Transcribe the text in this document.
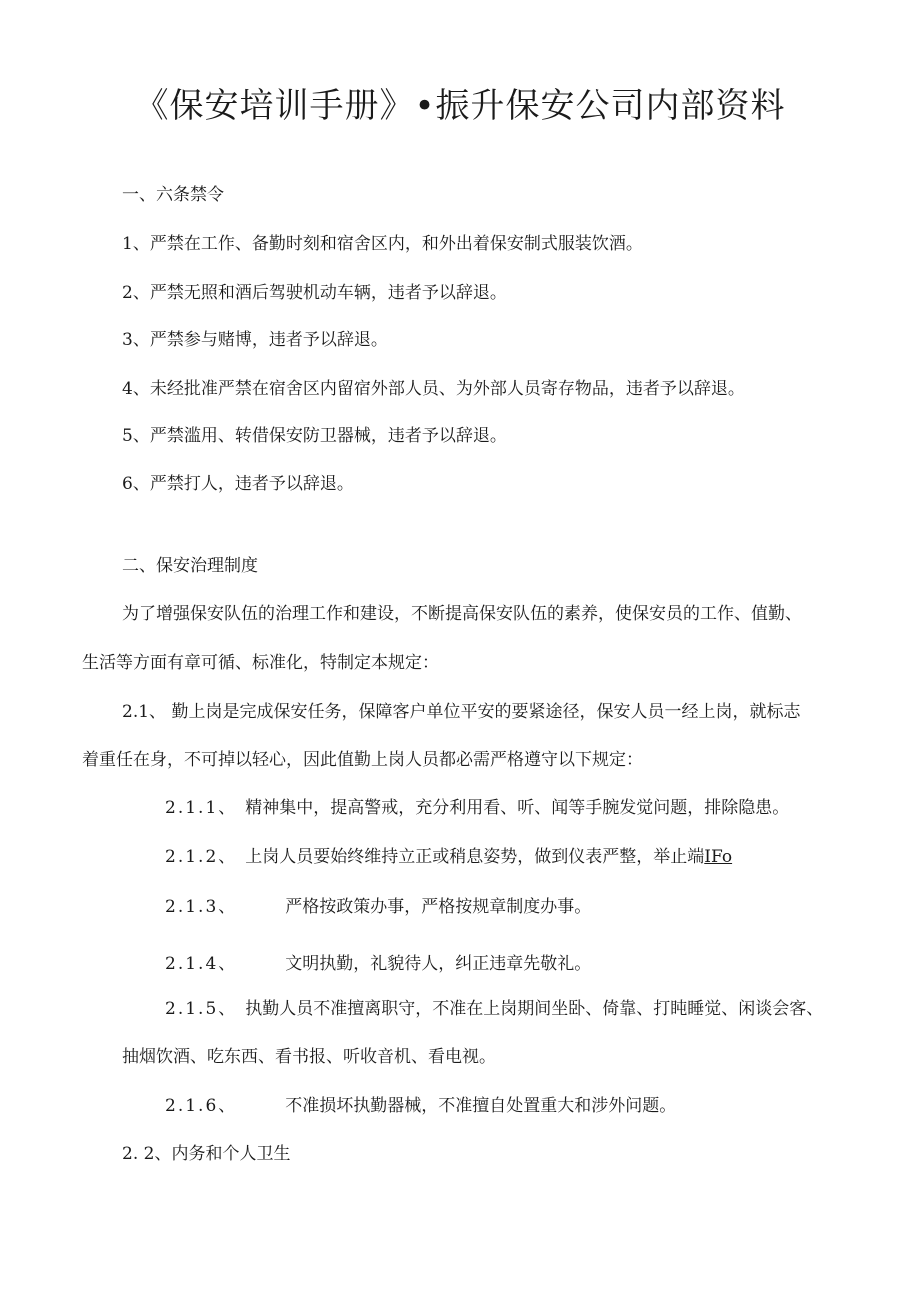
《保安培训手册》•振升保安公司内部资料
一、六条禁令
1、严禁在工作、备勤时刻和宿舍区内，和外出着保安制式服装饮酒。
2、严禁无照和酒后驾驶机动车辆，违者予以辞退。
3、严禁参与赌博，违者予以辞退。
4、未经批准严禁在宿舍区内留宿外部人员、为外部人员寄存物品，违者予以辞退。
5、严禁滥用、转借保安防卫器械，违者予以辞退。
6、严禁打人，违者予以辞退。
二、保安治理制度
为了增强保安队伍的治理工作和建设，不断提高保安队伍的素养，使保安员的工作、值勤、
生活等方面有章可循、标准化，特制定本规定：
2.1、 勤上岗是完成保安任务，保障客户单位平安的要紧途径，保安人员一经上岗，就标志
着重任在身，不可掉以轻心，因此值勤上岗人员都必需严格遵守以下规定：
2.1.1、 精神集中，提高警戒，充分利用看、听、闻等手腕发觉问题，排除隐患。
2.1.2、 上岗人员要始终维持立正或稍息姿势，做到仪表严整，举止端IFo
2.1.3、	严格按政策办事，严格按规章制度办事。
2.1.4、	文明执勤，礼貌待人，纠正违章先敬礼。
2.1.5、 执勤人员不准擅离职守，不准在上岗期间坐卧、倚靠、打盹睡觉、闲谈会客、
抽烟饮酒、吃东西、看书报、听收音机、看电视。
2.1.6、	不准损坏执勤器械，不准擅自处置重大和涉外问题。
2. 2、内务和个人卫生
